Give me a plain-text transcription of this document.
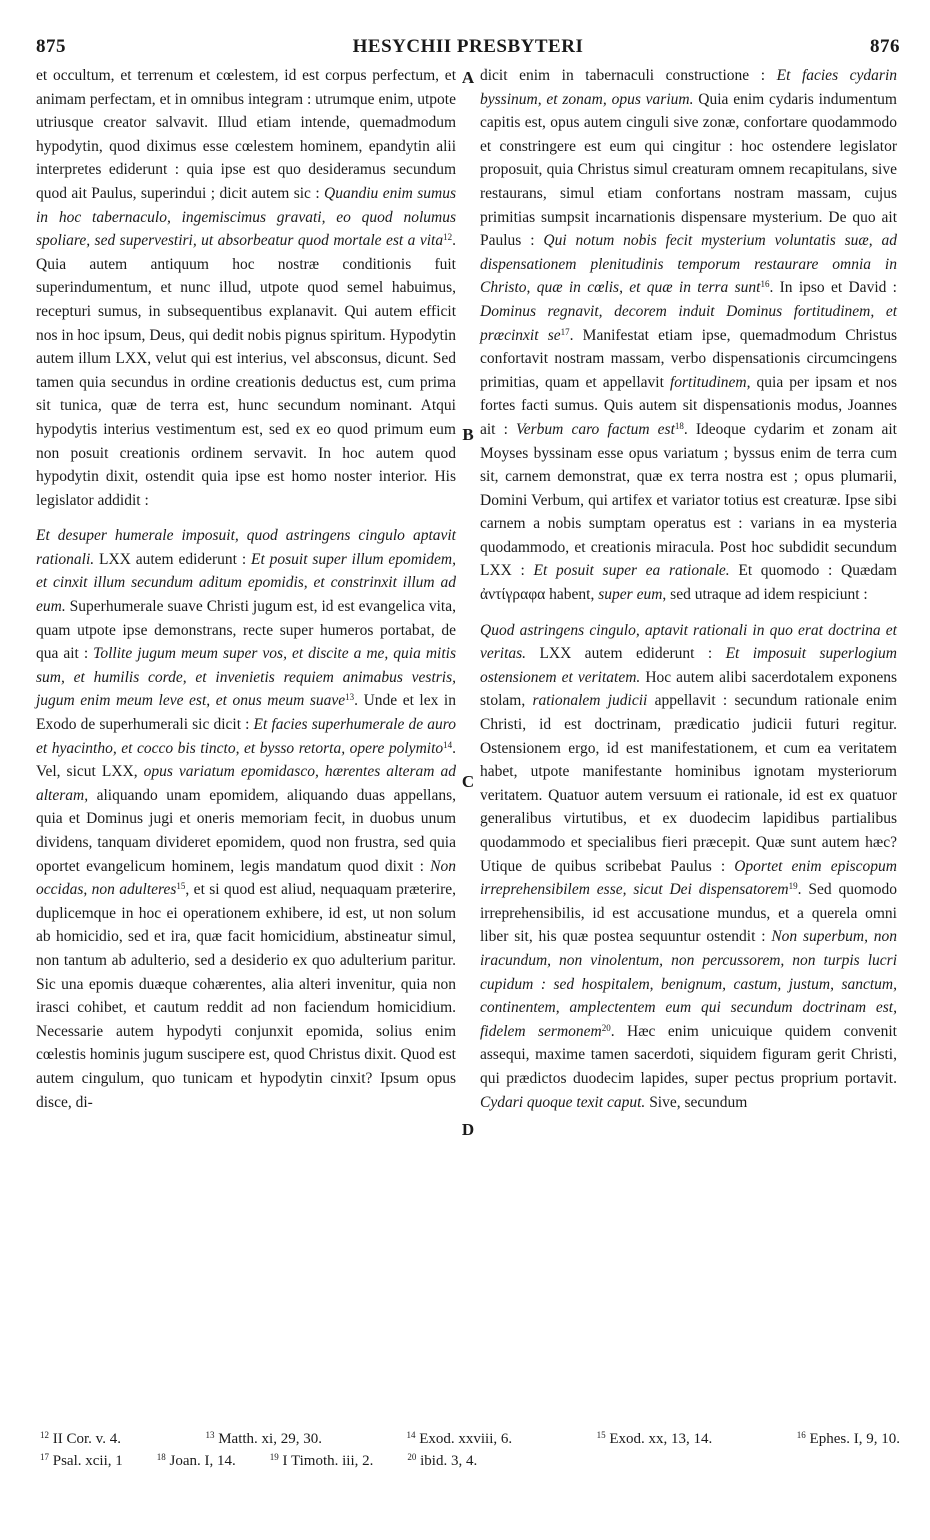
875	HESYCHII PRESBYTERI	876

et occultum, et terrenum et cœlestem, id est corpus perfectum, et animam perfectam, et in omnibus integram : utrumque enim, utpote utriusque creator salvavit. Illud etiam intende, quemadmodum hypodytin, quod diximus esse cœlestem hominem, epandytin alii interpretes ediderunt : quia ipse est quo desideramus secundum quod ait Paulus, superindui ; dicit autem sic : Quandiu enim sumus in hoc tabernaculo, ingemiscimus gravati, eo quod nolumus spoliare, sed supervestiri, ut absorbeatur quod mortale est a vita$^{12}$. Quia autem antiquum hoc nostræ conditionis fuit superindumentum, et nunc illud, utpote quod semel habuimus, recepturi sumus, in subsequentibus explanavit. Qui autem efficit nos in hoc ipsum, Deus, qui dedit nobis pignus spiritum. Hypodytin autem illum LXX, velut qui est interius, vel absconsus, dicunt. Sed tamen quia secundus in ordine creationis deductus est, cum prima sit tunica, quæ de terra est, hunc secundum nominant. Atqui hypodytis interius vestimentum est, sed ex eo quod primum eum non posuit creationis ordinem servavit. In hoc autem quod hypodytin dixit, ostendit quia ipse est homo noster interior. His legislator addidit :

Et desuper humerale imposuit, quod astringens cingulo aptavit rationali. LXX autem ediderunt : Et posuit super illum epomidem, et cinxit illum secundum aditum epomidis, et constrinxit illum ad eum. Superhumerale suave Christi jugum est, id est evangelica vita, quam utpote ipse demonstrans, recte super humeros portabat, de qua ait : Tollite jugum meum super vos, et discite a me, quia mitis sum, et humilis corde, et invenietis requiem animabus vestris, jugum enim meum leve est, et onus meum suave$^{13}$. Unde et lex in Exodo de superhumerali sic dicit : Et facies superhumerale de auro et hyacintho, et cocco bis tincto, et bysso retorta, opere polymito$^{14}$. Vel, sicut LXX, opus variatum epomidasco, hærentes alteram ad alteram, aliquando unam epomidem, aliquando duas appellans, quia et Dominus jugi et oneris memoriam fecit, in duobus unum dividens, tanquam divideret epomidem, quod non frustra, sed quia oportet evangelicum hominem, legis mandatum quod dixit : Non occidas, non adulteres$^{15}$, et si quod est aliud, nequaquam præterire, duplicemque in hoc ei operationem exhibere, id est, ut non solum ab homicidio, sed et ira, quæ facit homicidium, abstineatur simul, non tantum ab adulterio, sed a desiderio ex quo adulterium paritur. Sic una epomis duæque cohærentes, alia alteri invenitur, quia non irasci cohibet, et cautum reddit ad non faciendum homicidium. Necessarie autem hypodyti conjunxit epomida, solius enim cœlestis hominis jugum suscipere est, quod Christus dixit. Quod est autem cingulum, quo tunicam et hypodytin cinxit? Ipsum opus disce, di-

A
B
C
D

dicit enim in tabernaculi constructione : Et facies cydarin byssinum, et zonam, opus varium. Quia enim cydaris indumentum capitis est, opus autem cinguli sive zonæ, confortare quodammodo et constringere est eum qui cingitur : hoc ostendere legislator proposuit, quia Christus simul creaturam omnem recapitulans, sive restaurans, simul etiam confortans nostram massam, cujus primitias sumpsit incarnationis dispensare mysterium. De quo ait Paulus : Qui notum nobis fecit mysterium voluntatis suæ, ad dispensationem plenitudinis temporum restaurare omnia in Christo, quæ in cœlis, et quæ in terra sunt$^{16}$. In ipso et David : Dominus regnavit, decorem induit Dominus fortitudinem, et præcinxit $se^{17}$. Manifestat etiam ipse, quemadmodum Christus confortavit nostram massam, verbo dispensationis circumcingens primitias, quam et appellavit fortitudinem, quia per ipsam et nos fortes facti sumus. Quis autem sit dispensationis modus, Joannes ait : Verbum caro factum est$^{18}$. Ideoque cydarim et zonam ait Moyses byssinam esse opus variatum ; byssus enim de terra cum sit, carnem demonstrat, quæ ex terra nostra est ; opus plumarii, Domini Verbum, qui artifex et variator totius est creaturæ. Ipse sibi carnem a nobis sumptam operatus est : varians in ea mysteria quodammodo, et creationis miracula. Post hoc subdidit secundum LXX : Et posuit super ea rationale. Et quomodo : Quædam ἀντίγραφα habent, super eum, sed utraque ad idem respiciunt :

Quod astringens cingulo, aptavit rationali in quo erat doctrina et veritas. LXX autem ediderunt : Et imposuit superlogium ostensionem et veritatem. Hoc autem alibi sacerdotalem exponens stolam, rationalem judicii appellavit : secundum rationale enim Christi, id est doctrinam, prædicatio judicii futuri regitur. Ostensionem ergo, id est manifestationem, et cum ea veritatem habet, utpote manifestante hominibus ignotam mysteriorum veritatem. Quatuor autem versuum ei rationale, id est ex quatuor generalibus virtutibus, et ex duodecim lapidibus partialibus quodammodo et specialibus fieri præcepit. Quæ sunt autem hæc? Utique de quibus scribebat Paulus : Oportet enim episcopum irreprehensibilem esse, sicut Dei dispensatorem$^{19}$. Sed quomodo irreprehensibilis, id est accusatione mundus, et a querela omni liber sit, his quæ postea sequuntur ostendit : Non superbum, non iracundum, non vinolentum, non percussorem, non turpis lucri cupidum : sed hospitalem, benignum, castum, justum, sanctum, continentem, amplectentem eum qui secundum doctrinam est, fidelem sermonem$^{20}$. Hæc enim unicuique quidem convenit assequi, maxime tamen sacerdoti, siquidem figuram gerit Christi, qui prædictos duodecim lapides, super pectus proprium portavit. Cydari quoque texit caput. Sive, secundum

$^{12}$ II Cor. v. 4.	$^{13}$ Matth. xi, 29, 30.	$^{14}$ Exod. xxviii, 6.	$^{15}$ Exod. xx, 13, 14.	$^{16}$ Ephes. I, 9, 10.
$^{17}$ Psal. xcii, 1	$^{18}$ Joan. I, 14.	$^{19}$ I Timoth. iii, 2.	$^{20}$ ibid. 3, 4.
